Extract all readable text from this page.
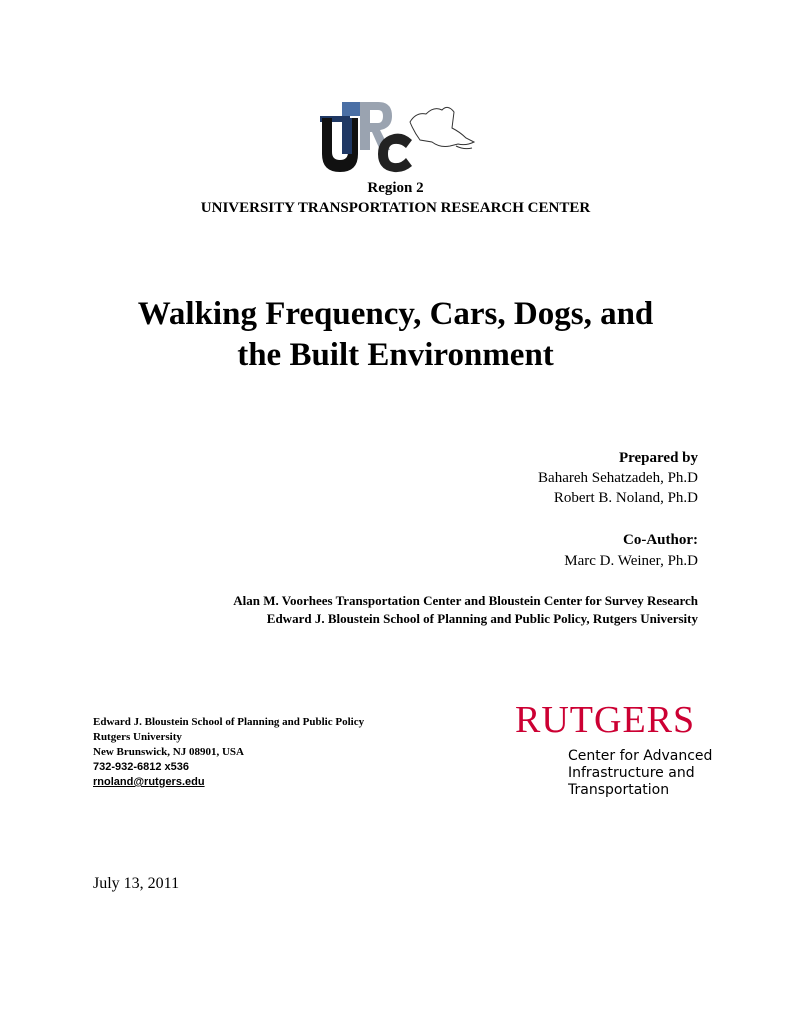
Region 2
UNIVERSITY TRANSPORTATION RESEARCH CENTER
Walking Frequency, Cars, Dogs, and
the Built Environment
Prepared by
Bahareh Sehatzadeh, Ph.D
Robert B. Noland, Ph.D
Co-Author:
Marc D. Weiner, Ph.D
Alan M. Voorhees Transportation Center and Bloustein Center for Survey Research
Edward J. Bloustein School of Planning and Public Policy, Rutgers University
Edward J. Bloustein School of Planning and Public Policy
Rutgers University
New Brunswick, NJ 08901, USA
732-932-6812 x536
rnoland@rutgers.edu
RUTGERS
Center for Advanced
Infrastructure and
Transportation
July 13, 2011
